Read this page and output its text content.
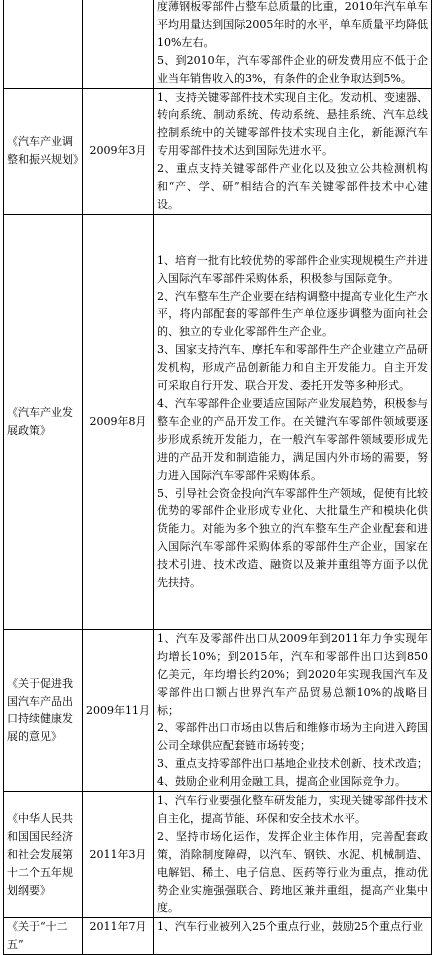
		度薄钢板零部件占整车总质量的比重，2010年汽车单车平均用量达到国际2005年时的水平，单车质量平均降低10%左右。

5、到2010年，汽车零部件企业的研发费用应不低于企业当年销售收入的3%，有条件的企业争取达到5%。

《汽车产业调整和振兴规划》	2009年3月	1、支持关键零部件技术实现自主化。发动机、变速器、转向系统、制动系统、传动系统、悬挂系统、汽车总线控制系统中的关键零部件技术实现自主化，新能源汽车专用零部件技术达到国际先进水平。

2、重点支持关键零部件产业化以及独立公共检测机构和“产、学、研”相结合的汽车关键零部件技术中心建设。

《汽车产业发展政策》	2009年8月	1、培育一批有比较优势的零部件企业实现规模生产并进入国际汽车零部件采购体系，积极参与国际竞争。

2、汽车整车生产企业要在结构调整中提高专业化生产水平，将内部配套的零部件生产单位逐步调整为面向社会的、独立的专业化零部件生产企业。

3、国家支持汽车、摩托车和零部件生产企业建立产品研发机构，形成产品创新能力和自主开发能力。自主开发可采取自行开发、联合开发、委托开发等多种形式。

4、汽车零部件企业要适应国际产业发展趋势，积极参与整车企业的产品开发工作。在关键汽车零部件领域要逐步形成系统开发能力，在一般汽车零部件领域要形成先进的产品开发和制造能力，满足国内外市场的需要，努力进入国际汽车零部件采购体系。

5、引导社会资金投向汽车零部件生产领域，促使有比较优势的零部件企业形成专业化、大批量生产和模块化供货能力。对能为多个独立的汽车整车生产企业配套和进入国际汽车零部件采购体系的零部件生产企业，国家在技术引进、技术改造、融资以及兼并重组等方面予以优先扶持。

《关于促进我国汽车产品出口持续健康发展的意见》	2009年11月	1、汽车及零部件出口从2009年到2011年力争实现年均增长10%；到2015年，汽车和零部件出口达到850亿美元，年均增长约20%；到2020年实现我国汽车及零部件出口额占世界汽车产品贸易总额10%的战略目标；

2、零部件出口市场由以售后和维修市场为主向进入跨国公司全球供应配套链市场转变；

3、重点支持零部件出口基地企业技术创新、技术改造；

4、鼓励企业利用金融工具，提高企业国际竞争力。

《中华人民共和国国民经济和社会发展第十二个五年规划纲要》	2011年3月	1、汽车行业要强化整车研发能力，实现关键零部件技术自主化，提高节能、环保和安全技术水平。

2、坚持市场化运作，发挥企业主体作用，完善配套政策，消除制度障碍，以汽车、钢铁、水泥、机械制造、电解铝、稀土、电子信息、医药等行业为重点，推动优势企业实施强强联合、跨地区兼并重组，提高产业集中度。

《关于“十二五”	2011年7月	1、汽车行业被列入25个重点行业，鼓励25个重点行业
